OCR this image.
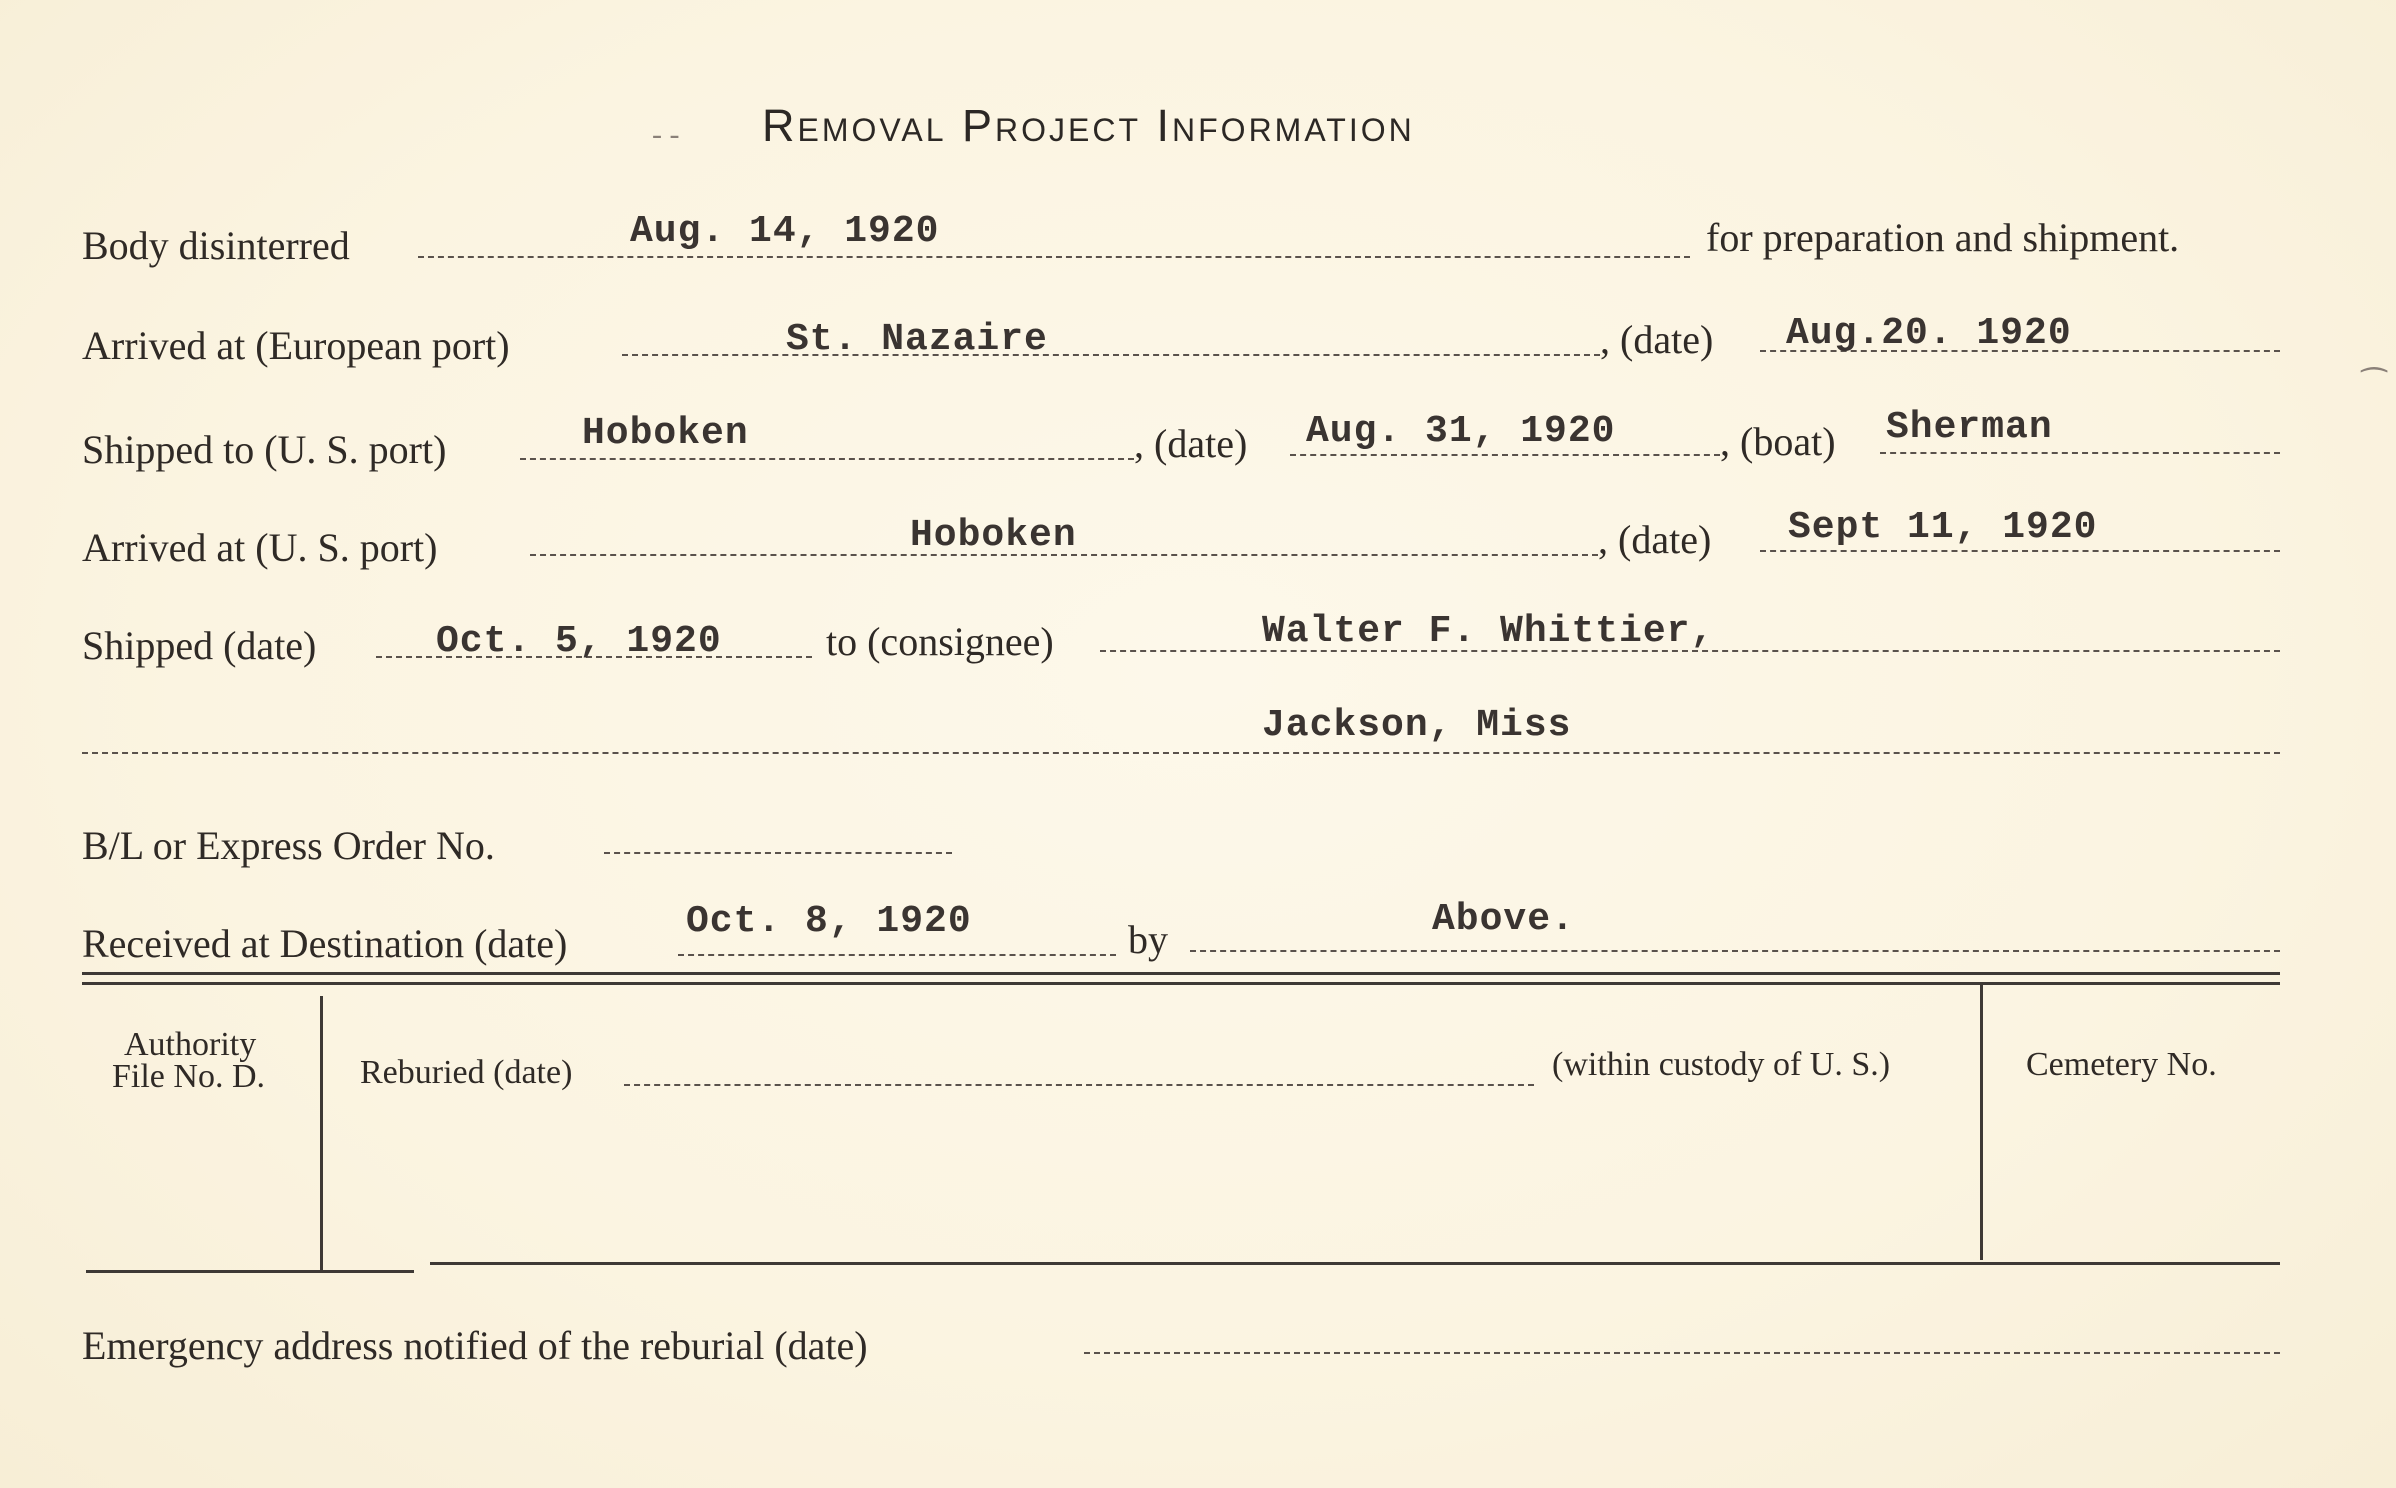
- - Removal Project Information
Body disinterred	Aug. 14, 1920	for preparation and shipment.
Arrived at (European port)	St. Nazaire	, (date) Aug.20. 1920
Shipped to (U. S. port)	Hoboken	, (date) Aug. 31, 1920	, (boat) Sherman
Arrived at (U. S. port)	Hoboken	, (date) Sept 11, 1920
Shipped (date)	Oct. 5, 1920	to (consignee)	Walter F. Whittier,
Jackson, Miss
B/L or Express Order No.
Received at Destination (date)	Oct. 8, 1920	by	Above.
Authority
File No. D.	Reburied (date)	(within custody of U. S.)	Cemetery No.
Emergency address notified of the reburial (date)
⁀
